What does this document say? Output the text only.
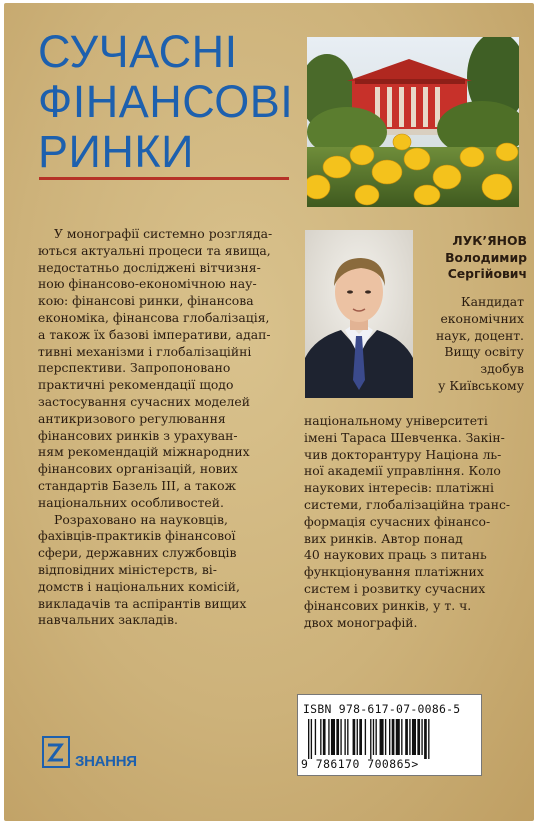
СУЧАСНІ
ФІНАНСОВІ
РИНКИ

У монографії системно розгляда-
ються актуальні процеси та явища,
недостатньо досліджені вітчизня-
ною фінансово-економічною нау-
кою: фінансові ринки, фінансова
економіка, фінансова глобалізація,
а також їх базові імперативи, адап-
тивні механізми і глобалізаційні
перспективи. Запропоновано
практичні рекомендації щодо
застосування сучасних моделей
антикризового регулювання
фінансових ринків з урахуван-
ням рекомендацій міжнародних
фінансових організацій, нових
стандартів Базель III, а також
національних особливостей.

Розраховано на науковців,
фахівців-практиків фінансової
сфери, державних службовців
відповідних міністерств, ві-
домств і національних комісій,
викладачів та аспірантів вищих
навчальних закладів.

ЛУК’ЯНОВ
Володимир
Сергійович
Кандидат
економічних
наук, доцент.
Вищу освіту
здобув
у Київському
національному університеті
імені Тараса Шевченка. Закін-
чив докторантуру Націона ль-
ної академії управління. Коло
наукових інтересів: платіжні
системи, глобалізаційна транс-
формація сучасних фінансо-
вих ринків. Автор понад
40 наукових праць з питань
функціонування платіжних
систем і розвитку сучасних
фінансових ринків, у т. ч.
двох монографій.
ЗНАННЯ
ISBN 978-617-07-0086-5
9 786170 700865>
